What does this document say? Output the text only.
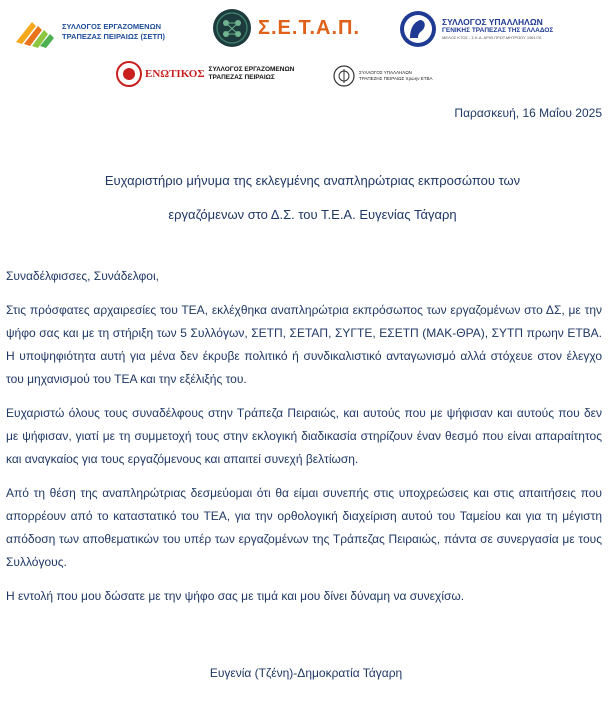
ΣΥΛΛΟΓΟΣ ΕΡΓΑΖΟΜΕΝΩΝ
ΤΡΑΠΕΖΑΣ ΠΕΙΡΑΙΩΣ (ΣΕΤΠ)	Σ.Ε.Τ.Α.Π.	ΣΥΛΛΟΓΟΣ ΥΠΑΛΛΗΛΩΝ
ΓΕΝΙΚΗΣ ΤΡΑΠΕΖΑΣ ΤΗΣ ΕΛΛΑΔΟΣ
ΜΕΛΟΣ ΚΤΟΣ - Σ.Κ.Α. ΑΡΙΘ.ΠΡΩΤ.ΜΗΤΡΩΟΥ 1961/76
ΕΝΩΤΙΚΟΣ ΣΥΛΛΟΓΟΣ ΕΡΓΑΖΟΜΕΝΩΝ
ΤΡΑΠΕΖΑΣ ΠΕΙΡΑΙΩΣ
ΣΥΛΛΟΓΟΣ ΥΠΑΛΛΗΛΩΝ
ΤΡΑΠΕΖΗΣ ΠΕΙΡΑΙΩΣ πρώην ΕΤΒΑ
Παρασκευή, 16 Μαΐου 2025
Ευχαριστήριο μήνυμα της εκλεγμένης αναπληρώτριας εκπροσώπου των
εργαζόμενων στο Δ.Σ. του Τ.Ε.Α. Ευγενίας Τάγαρη

Συναδέλφισσες, Συνάδελφοι,

Στις πρόσφατες αρχαιρεσίες του ΤΕΑ, εκλέχθηκα αναπληρώτρια εκπρόσωπος των εργαζομένων στο ΔΣ, με την ψήφο σας και με τη στήριξη των 5 Συλλόγων, ΣΕΤΠ, ΣΕΤΑΠ, ΣΥΓΤΕ, ΕΣΕΤΠ (ΜΑΚ-ΘΡΑ), ΣΥΤΠ πρωην ΕΤΒΑ. Η υποψηφιότητα αυτή για μένα δεν έκρυβε πολιτικό ή συνδικαλιστικό ανταγωνισμό αλλά στόχευε στον έλεγχο του μηχανισμού του ΤΕΑ και την εξέλιξής του.

Ευχαριστώ όλους τους συναδέλφους στην Τράπεζα Πειραιώς, και αυτούς που με ψήφισαν και αυτούς που δεν με ψήφισαν, γιατί με τη συμμετοχή τους στην εκλογική διαδικασία στηρίζουν έναν θεσμό που είναι απαραίτητος και αναγκαίος για τους εργαζόμενους και απαιτεί συνεχή βελτίωση.

Από τη θέση της αναπληρώτριας δεσμεύομαι ότι θα είμαι συνεπής στις υποχρεώσεις και στις απαιτήσεις που απορρέουν από το καταστατικό του ΤΕΑ, για την ορθολογική διαχείριση αυτού του Ταμείου και για τη μέγιστη απόδοση των αποθεματικών του υπέρ των εργαζομένων της Τράπεζας Πειραιώς, πάντα σε συνεργασία με τους Συλλόγους.

Η εντολή που μου δώσατε με την ψήφο σας με τιμά και μου δίνει δύναμη να συνεχίσω.

Ευγενία (Τζένη)-Δημοκρατία Τάγαρη
